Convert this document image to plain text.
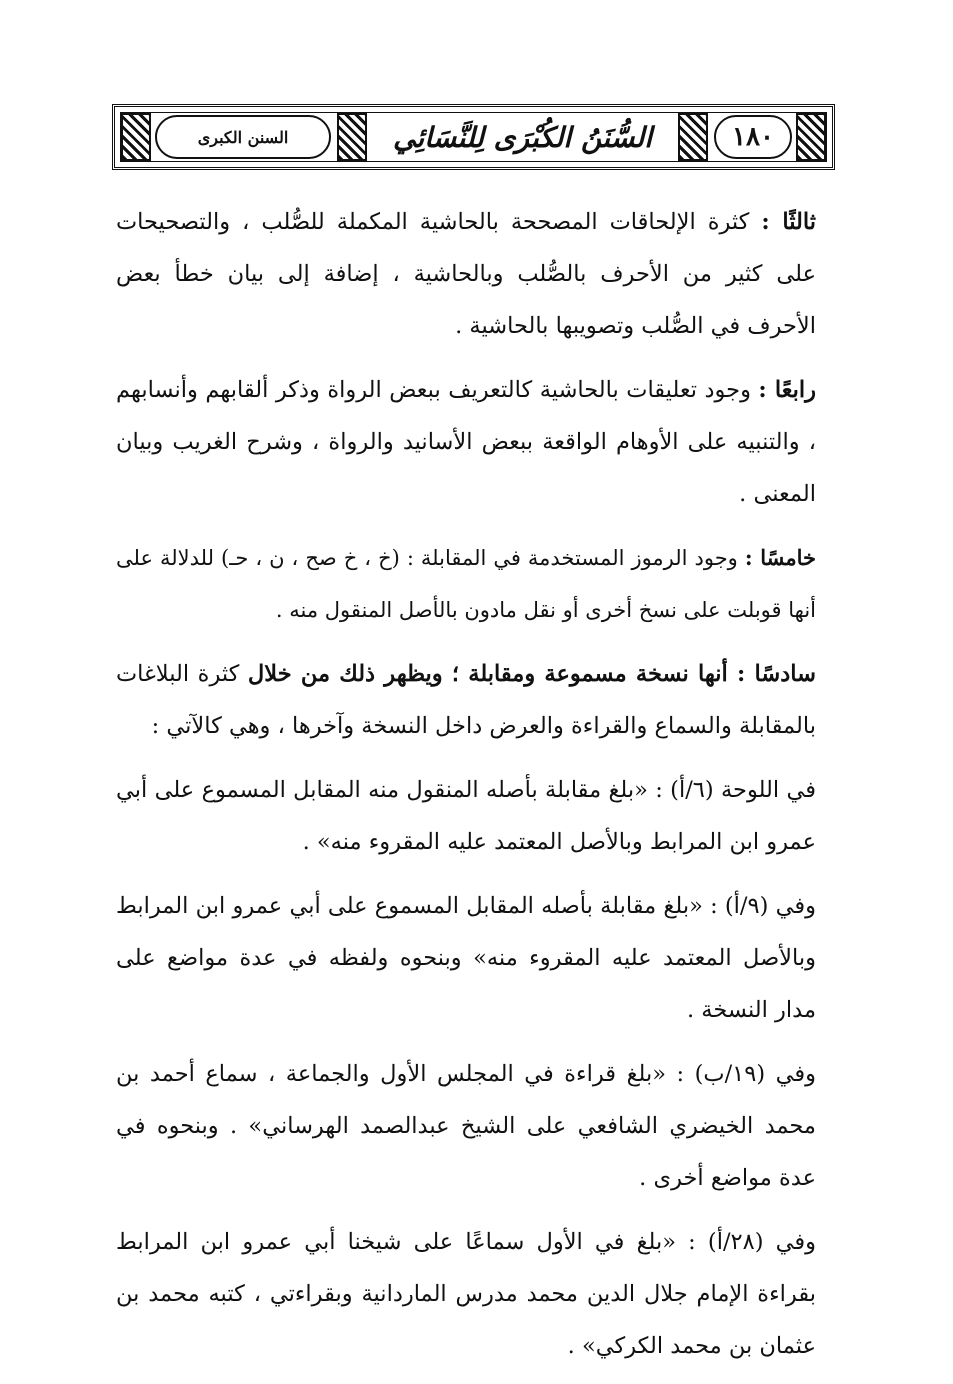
السنن الكبرى	السُّنَنُ الكُبْرَى لِلنَّسَائِي	١٨٠

ثالثًا : كثرة الإلحاقات المصححة بالحاشية المكملة للصُّلب ، والتصحيحات على كثير من الأحرف بالصُّلب وبالحاشية ، إضافة إلى بيان خطأ بعض الأحرف في الصُّلب وتصويبها بالحاشية .

رابعًا : وجود تعليقات بالحاشية كالتعريف ببعض الرواة وذكر ألقابهم وأنسابهم ، والتنبيه على الأوهام الواقعة ببعض الأسانيد والرواة ، وشرح الغريب وبيان المعنى .

خامسًا : وجود الرموز المستخدمة في المقابلة : (خ ، خ صح ، ن ، حـ) للدلالة على أنها قوبلت على نسخ أخرى أو نقل مادون بالأصل المنقول منه .

سادسًا : أنها نسخة مسموعة ومقابلة ؛ ويظهر ذلك من خلال كثرة البلاغات بالمقابلة والسماع والقراءة والعرض داخل النسخة وآخرها ، وهي كالآتي :

في اللوحة (٦/أ) : «بلغ مقابلة بأصله المنقول منه المقابل المسموع على أبي عمرو ابن المرابط وبالأصل المعتمد عليه المقروء منه» .

وفي (٩/أ) : «بلغ مقابلة بأصله المقابل المسموع على أبي عمرو ابن المرابط وبالأصل المعتمد عليه المقروء منه» وبنحوه ولفظه في عدة مواضع على مدار النسخة .

وفي (١٩/ب) : «بلغ قراءة في المجلس الأول والجماعة ، سماع أحمد بن محمد الخيضري الشافعي على الشيخ عبدالصمد الهرساني» . وبنحوه في عدة مواضع أخرى .

وفي (٢٨/أ) : «بلغ في الأول سماعًا على شيخنا أبي عمرو ابن المرابط بقراءة الإمام جلال الدين محمد مدرس الماردانية وبقراءتي ، كتبه محمد بن عثمان بن محمد الكركي» .
